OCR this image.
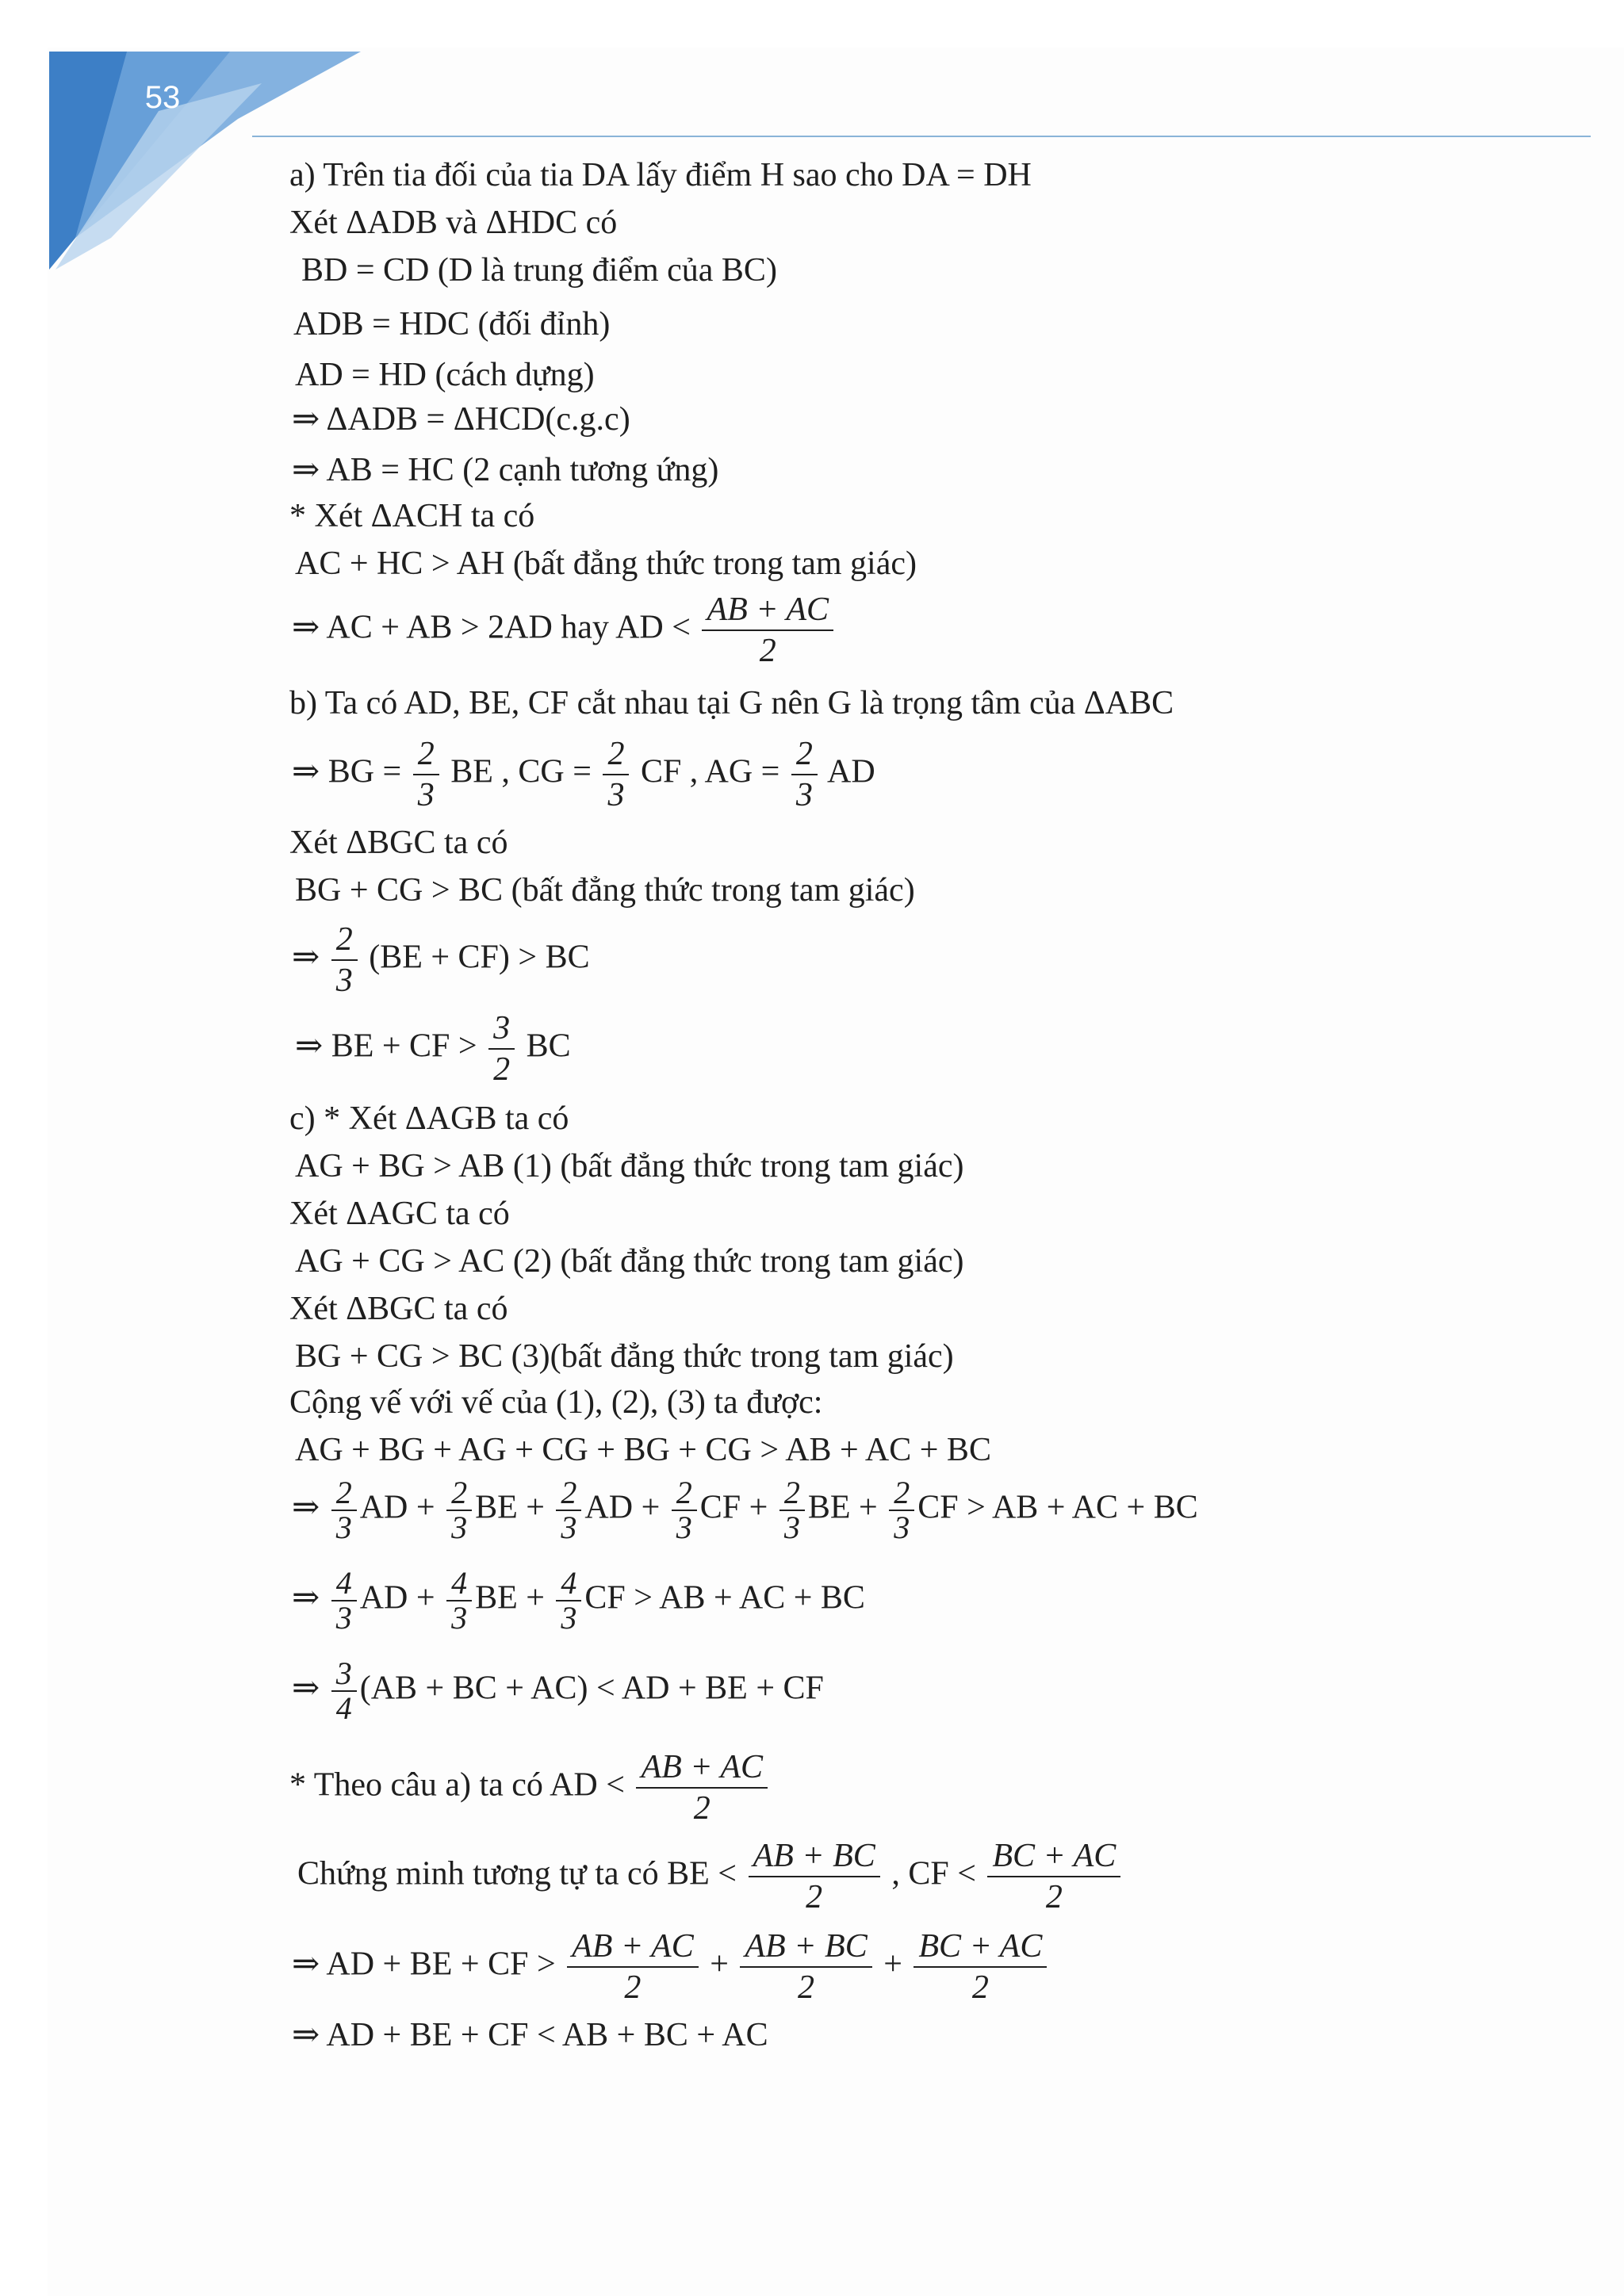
53
a) Trên tia đối của tia DA lấy điểm H sao cho DA = DH
Xét ΔADB và ΔHDC có
BD = CD (D là trung điểm của BC)
ADB = HDC (đối đỉnh)
AD = HD (cách dựng)
⇒ ΔADB = ΔHCD(c.g.c)
⇒ AB = HC (2 cạnh tương ứng)
* Xét ΔACH ta có
AC + HC > AH (bất đẳng thức trong tam giác)
⇒ AC + AB > 2AD hay AD < $\frac{AB + AC}{2}$
b) Ta có AD, BE, CF cắt nhau tại G nên G là trọng tâm của ΔABC
⇒ BG = $\frac{2}{3}$ BE , CG = $\frac{2}{3}$ CF , AG = $\frac{2}{3}$ AD
Xét ΔBGC ta có
BG + CG > BC (bất đẳng thức trong tam giác)
⇒ $\frac{2}{3} (BE + CF)$ > BC
⇒ BE + CF > $\frac{3}{2}$ BC
c) * Xét ΔAGB ta có
AG + BG > AB (1) (bất đẳng thức trong tam giác)
Xét ΔAGC ta có
AG + CG > AC (2) (bất đẳng thức trong tam giác)
Xét ΔBGC ta có
BG + CG > BC (3)(bất đẳng thức trong tam giác)
Cộng vế với vế của (1), (2), (3) ta được:
AG + BG + AG + CG + BG + CG > AB + AC + BC
⇒ $\frac{2}{3}$ AD + $\frac{2}{3}$ BE + $\frac{2}{3}$ AD + $\frac{2}{3}$ CF + $\frac{2}{3}$ BE + $\frac{2}{3}$ CF > AB + AC + BC
⇒ $\frac{4}{3}$ AD + $\frac{4}{3}$ BE + $\frac{4}{3}$ CF > AB + AC + BC
⇒ $\frac{3}{4} (AB$ + BC + AC) < AD + BE + CF
* Theo câu a) ta có AD < $\frac{AB + AC}{2}$
Chứng minh tương tự ta có BE < $\frac{AB + BC}{2}$ , CF < $\frac{BC + AC}{2}$
⇒ AD + BE + CF > $\frac{AB + AC}{2} + \frac{AB + BC}{2} + \frac{BC + AC}{2}$
⇒ AD + BE + CF < AB + BC + AC
